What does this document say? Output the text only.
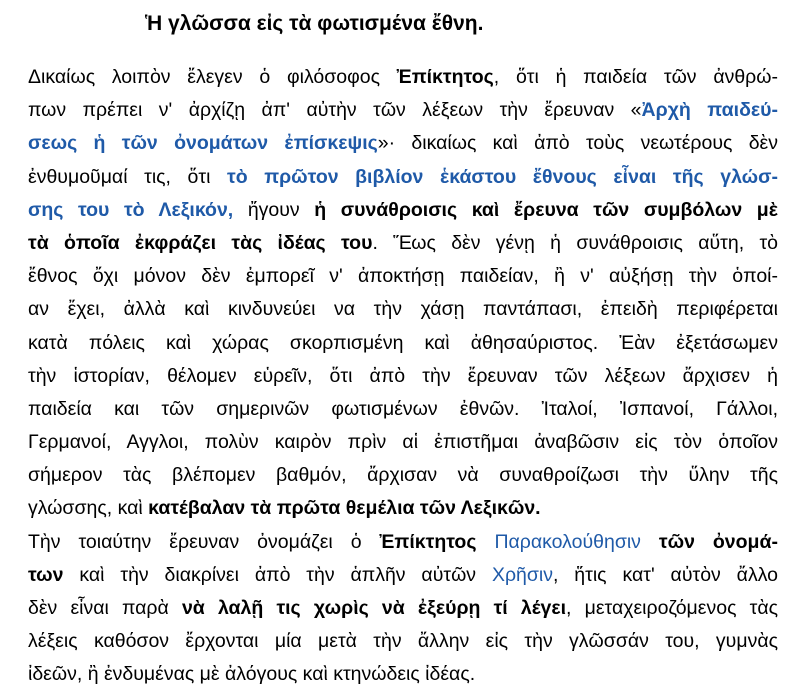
Ἡ γλῶσσα εἰς τὰ φωτισμένα ἔθνη.
Δικαίως λοιπὸν ἔλεγεν ὁ φιλόσοφος Ἐπίκτητος, ὅτι ἡ παιδεία τῶν ἀνθρώ-
πων πρέπει ν' ἀρχίζῃ ἀπ' αὐτὴν τῶν λέξεων τὴν ἔρευναν «Ἀρχὴ παιδεύ-
σεως ἡ τῶν ὀνομάτων ἐπίσκεψις»· δικαίως καὶ ἀπὸ τοὺς νεωτέρους δὲν
ἐνθυμοῦμαί τις, ὅτι τὸ πρῶτον βιβλίον ἑκάστου ἔθνους εἶναι τῆς γλώσ-
σης του τὸ Λεξικόν, ἤγουν ἡ συνάθροισις καὶ ἔρευνα τῶν συμβόλων μὲ
τὰ ὁποῖα ἐκφράζει τὰς ἰδέας του. Ἕως δὲν γένῃ ἡ συνάθροισις αὕτη, τὸ
ἔθνος ὄχι μόνον δὲν ἐμπορεῖ ν' ἀποκτήσῃ παιδείαν, ἢ ν' αὐξήσῃ τὴν ὁποί-
αν ἔχει, ἀλλὰ καὶ κινδυνεύει να τὴν χάσῃ παντάπασι, ἐπειδὴ περιφέρεται
κατὰ πόλεις καὶ χώρας σκορπισμένη καὶ ἀθησαύριστος. Ἐὰν ἐξετάσωμεν
τὴν ἱστορίαν, θέλομεν εὑρεῖν, ὅτι ἀπὸ τὴν ἔρευναν τῶν λέξεων ἄρχισεν ἡ
παιδεία και τῶν σημερινῶν φωτισμένων ἐθνῶν. Ἰταλοί, Ἰσπανοί, Γάλλοι,
Γερμανοί, Αγγλοι, πολὺν καιρὸν πρὶν αἱ ἐπιστῆμαι ἀναβῶσιν εἰς τὸν ὁποῖον
σήμερον τὰς βλέπομεν βαθμόν, ἄρχισαν νὰ συναθροίζωσι τὴν ὕλην τῆς
γλώσσης, καὶ κατέβαλαν τὰ πρῶτα θεμέλια τῶν Λεξικῶν.
Τὴν τοιαύτην ἔρευναν ὀνομάζει ὁ Ἐπίκτητος Παρακολούθησιν τῶν ὀνομά-
των καὶ τὴν διακρίνει ἀπὸ τὴν ἁπλῆν αὐτῶν Χρῆσιν, ἥτις κατ' αὐτὸν ἄλλο
δὲν εἶναι παρὰ νὰ λαλῇ τις χωρὶς νὰ ἐξεύρῃ τί λέγει, μεταχειροζόμενος τὰς
λέξεις καθόσον ἔρχονται μία μετὰ τὴν ἄλλην εἰς τὴν γλῶσσάν του, γυμνὰς
ἰδεῶν, ἢ ἐνδυμένας μὲ ἀλόγους καὶ κτηνώδεις ἰδέας.
